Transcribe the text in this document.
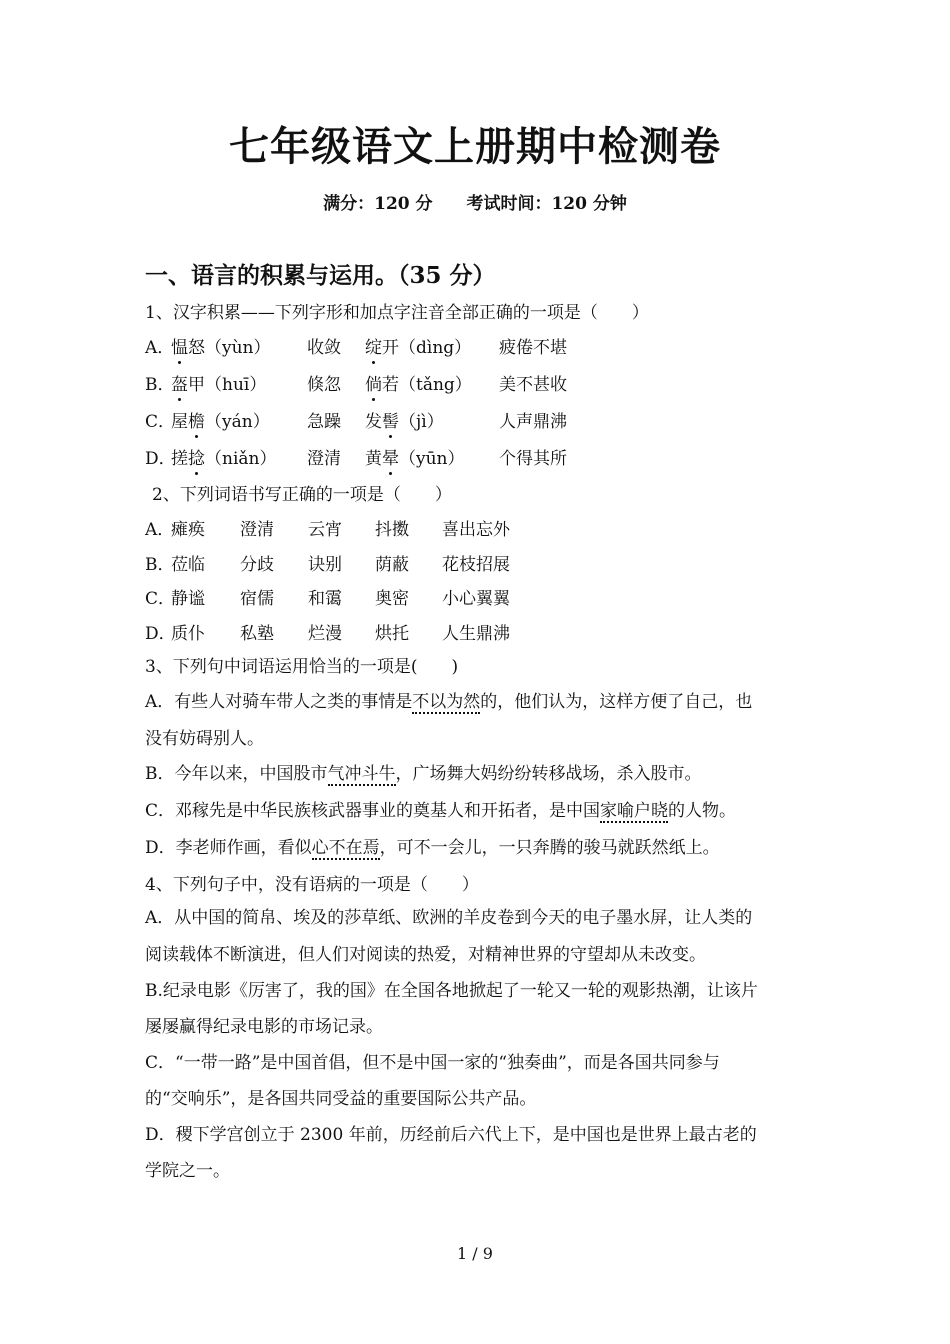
七年级语文上册期中检测卷
满分：120 分 考试时间：120 分钟
一、语言的积累与运用。（35 分）
1、汉字积累——下列字形和加点字注音全部正确的一项是（　　）
A．
愠怒（yùn） 收敛 绽开（dìng） 疲倦不堪
B．
盔甲（huī） 倏忽 倘若（tǎng） 美不甚收
C．
屋檐（yán） 急躁 发髻（jì）	人声鼎沸
D．
搓捻（niǎn） 澄清 黄晕（yūn） 个得其所
2、下列词语书写正确的一项是（　　）
A．
瘫痪 澄清 云宵 抖擞 喜出忘外
B．
莅临 分歧 诀别 荫蔽 花枝招展
C．
静谧 宿儒 和霭 奥密 小心翼翼
D．
质仆 私塾 烂漫 烘托 人生鼎沸
3、下列句中词语运用恰当的一项是(　　)
A．有些人对骑车带人之类的事情是不以为然的，他们认为，这样方便了自己，也
没有妨碍别人。
B．今年以来，中国股市气冲斗牛，广场舞大妈纷纷转移战场，杀入股市。
C．邓稼先是中华民族核武器事业的奠基人和开拓者，是中国家喻户晓的人物。
D．李老师作画，看似心不在焉，可不一会儿，一只奔腾的骏马就跃然纸上。
4、下列句子中，没有语病的一项是（　　）
A．从中国的简帛、埃及的莎草纸、欧洲的羊皮卷到今天的电子墨水屏，让人类的
阅读载体不断演进，但人们对阅读的热爱，对精神世界的守望却从未改变。
B.纪录电影《厉害了，我的国》在全国各地掀起了一轮又一轮的观影热潮，让该片
屡屡赢得纪录电影的市场记录。
C．“一带一路”是中国首倡，但不是中国一家的“独奏曲”，而是各国共同参与
的“交响乐”，是各国共同受益的重要国际公共产品。
D．稷下学宫创立于 2300 年前，历经前后六代上下，是中国也是世界上最古老的
学院之一。
1 / 9
